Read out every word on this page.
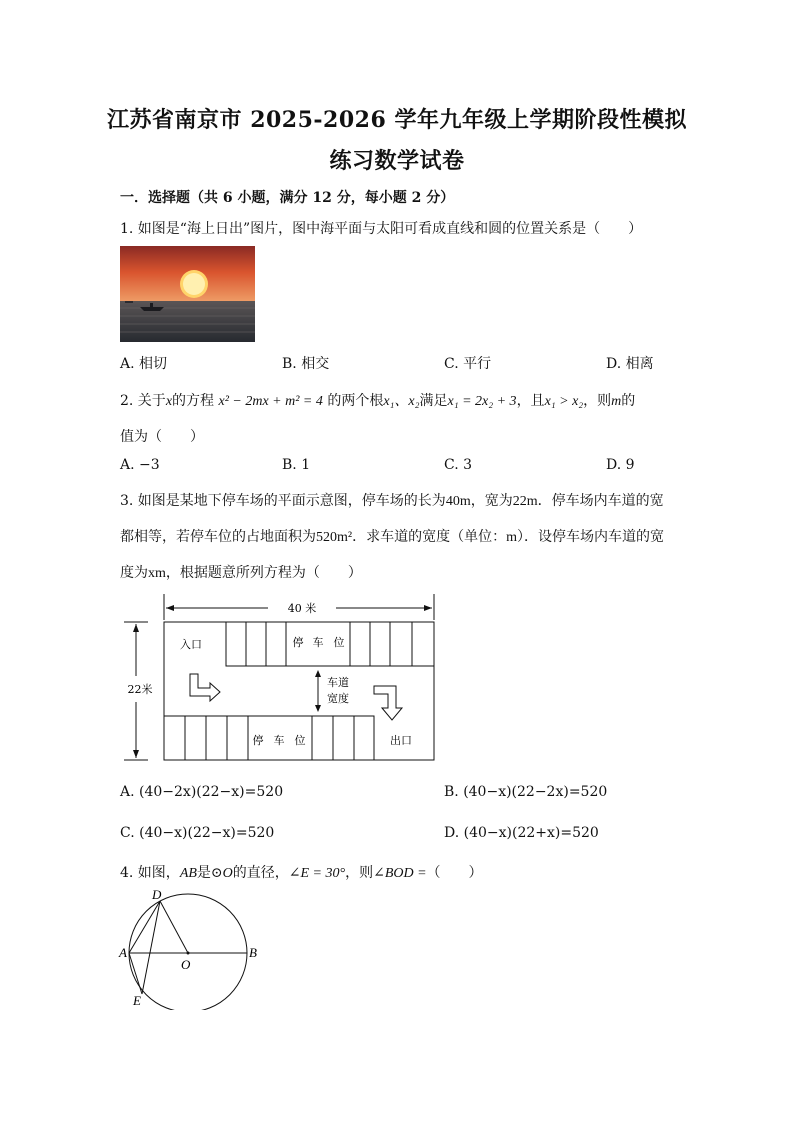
江苏省南京市 2025-2026 学年九年级上学期阶段性模拟
练习数学试卷
一．选择题（共 6 小题，满分 12 分，每小题 2 分）
1. 如图是“海上日出”图片，图中海平面与太阳可看成直线和圆的位置关系是（　　）
A. 相切	B. 相交	C. 平行	D. 相离
2. 关于x的方程 x² − 2mx + m² = 4 的两个根x₁、x₂满足x₁ = 2x₂ + 3，且x₁ > x₂，则m的
值为（　　）
A. −3	B. 1	C. 3	D. 9
3. 如图是某地下停车场的平面示意图，停车场的长为40m，宽为22m．停车场内车道的宽
都相等，若停车位的占地面积为520m²．求车道的宽度（单位：m）．设停车场内车道的宽
度为xm，根据题意所列方程为（　　）
40 米
22米
停 车 位
入口
停 车 位	出口
车道
宽度
A. (40−2x)(22−x)=520	B. (40−x)(22−2x)=520
C. (40−x)(22−x)=520	D. (40−x)(22+x)=520
4. 如图，AB是⊙O的直径，∠E = 30°，则∠BOD =（　　）
D
A
O
B
E
